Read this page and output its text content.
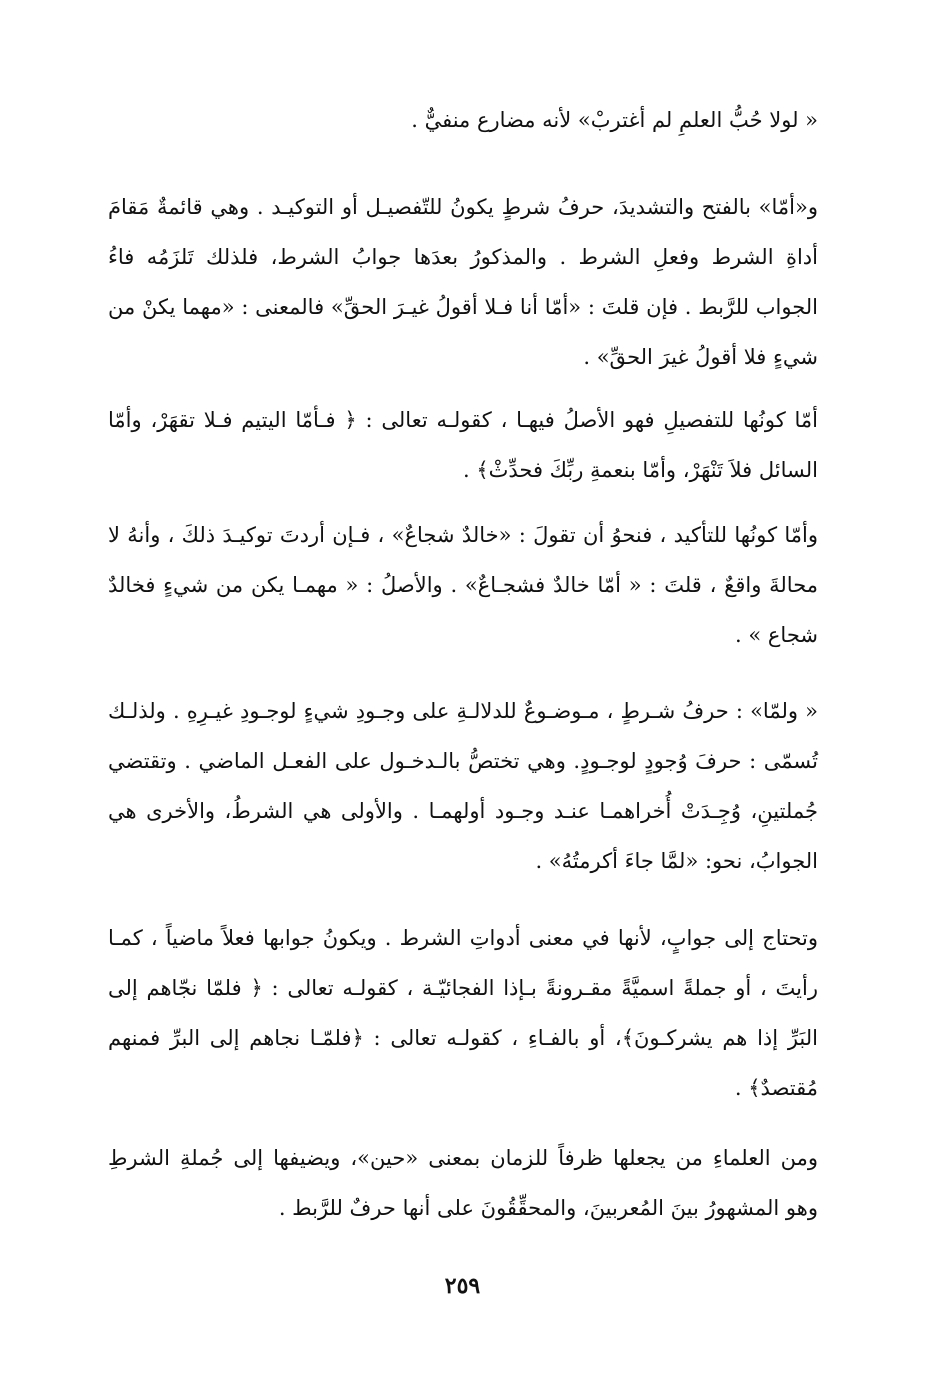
« لولا حُبُّ العلمِ لم أغتربْ» لأنه مضارع منفيٌّ .

و«أمّا» بالفتح والتشديدَ، حرفُ شرطٍ يكونُ للتّفصيـل أو التوكيـد . وهي قائمةٌ مَقامَ أداةِ الشرط وفعلِ الشرط . والمذكورُ بعدَها جوابُ الشرط، فلذلك تَلزَمُه فاءُ الجواب للرَّبط . فإن قلتَ : «أمّا أنا فـلا أقولُ غيـرَ الحقِّ» فالمعنى : «مهما يكنْ من شيءٍ فلا أقولُ غيرَ الحقِّ» .

أمّا كونُها للتفصيلِ فهو الأصلُ فيهـا ، كقولـه تعالى : ﴿ فـأمّا اليتيم فـلا تقهَرْ، وأمّا السائل فلاَ تَنْهَرْ، وأمّا بنعمةِ ربِّكَ فحدِّثْ﴾ .

وأمّا كونُها للتأكيد ، فنحوُ أن تقولَ : «خالدٌ شجاعٌ» ، فـإن أردتَ توكيـدَ ذلكَ ، وأنهُ لا محالةَ واقعٌ ، قلتَ : « أمّا خالدٌ فشجـاعٌ» . والأصلُ : « مهمـا يكن من شيءٍ فخالدٌ شجاع » .

« ولمّا» : حرفُ شـرطٍ ، مـوضـوعٌ للدلالـةِ على وجـودِ شيءٍ لوجـودِ غيـرِهِ . ولذلـك تُسمّى : حرفَ وُجودٍ لوجـودٍ. وهي تختصُّ بالـدخـول على الفعـل الماضي . وتقتضي جُملتينِ، وُجِـدَتْ أُخراهمـا عنـد وجـود أولهمـا . والأولى هي الشرطُ، والأخرى هي الجوابُ، نحو: «لمَّا جاءَ أكرمتُهُ» .

وتحتاج إلى جوابٍ، لأنها في معنى أدواتِ الشرط . ويكونُ جوابها فعلاً ماضياً ، كمـا رأيتَ ، أو جملةً اسميَّةً مقـرونةً بـإذا الفجائيّـة ، كقولـه تعالى : ﴿ فلمّا نجّاهم إلى البَرِّ إذا هم يشركـونَ﴾، أو بالفـاءِ ، كقولـه تعالى : ﴿فلمّـا نجاهم إلى البرِّ فمنهم مُقتصدٌ﴾ .

ومن العلماءِ من يجعلها ظرفاً للزمان بمعنى «حين»، ويضيفها إلى جُملةِ الشرطِ وهو المشهورُ بينَ المُعربينَ، والمحقِّقُونَ على أنها حرفٌ للرَّبط .

٢٥٩
